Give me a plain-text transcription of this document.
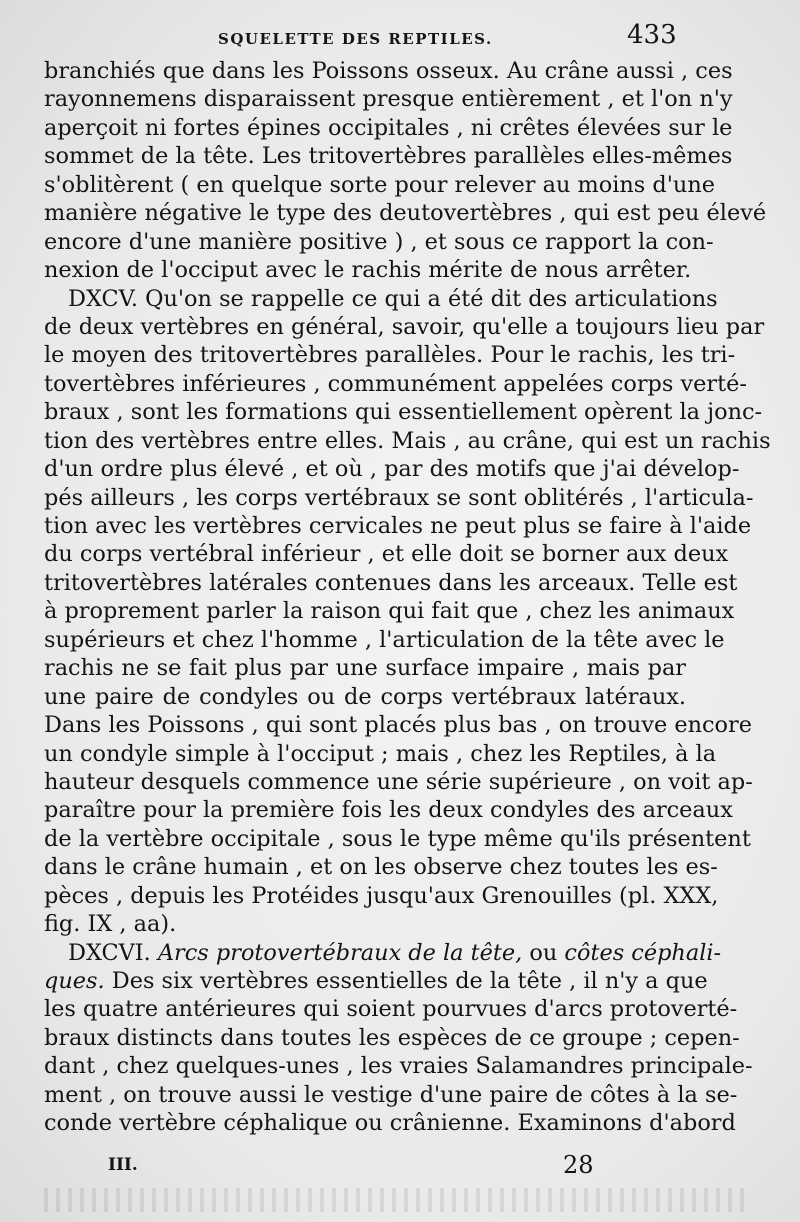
SQUELETTE DES REPTILES.	433
branchiés que dans les Poissons osseux. Au crâne aussi , ces
rayonnemens disparaissent presque entièrement , et l'on n'y
aperçoit ni fortes épines occipitales , ni crêtes élevées sur le
sommet de la tête. Les tritovertèbres parallèles elles-mêmes
s'oblitèrent ( en quelque sorte pour relever au moins d'une
manière négative le type des deutovertèbres , qui est peu élevé
encore d'une manière positive ) , et sous ce rapport la con-
nexion de l'occiput avec le rachis mérite de nous arrêter.
DXCV. Qu'on se rappelle ce qui a été dit des articulations
de deux vertèbres en général, savoir, qu'elle a toujours lieu par
le moyen des tritovertèbres parallèles. Pour le rachis, les tri-
tovertèbres inférieures , communément appelées corps verté-
braux , sont les formations qui essentiellement opèrent la jonc-
tion des vertèbres entre elles. Mais , au crâne, qui est un rachis
d'un ordre plus élevé , et où , par des motifs que j'ai dévelop-
pés ailleurs , les corps vertébraux se sont oblitérés , l'articula-
tion avec les vertèbres cervicales ne peut plus se faire à l'aide
du corps vertébral inférieur , et elle doit se borner aux deux
tritovertèbres latérales contenues dans les arceaux. Telle est
à proprement parler la raison qui fait que , chez les animaux
supérieurs et chez l'homme , l'articulation de la tête avec le
rachis ne se fait plus par une surface impaire , mais par
une paire de condyles ou de corps vertébraux latéraux.
Dans les Poissons , qui sont placés plus bas , on trouve encore
un condyle simple à l'occiput ; mais , chez les Reptiles, à la
hauteur desquels commence une série supérieure , on voit ap-
paraître pour la première fois les deux condyles des arceaux
de la vertèbre occipitale , sous le type même qu'ils présentent
dans le crâne humain , et on les observe chez toutes les es-
pèces , depuis les Protéides jusqu'aux Grenouilles (pl. XXX,
fig. IX , aa).
DXCVI. Arcs protovertébraux de la tête, ou côtes céphali-
ques. Des six vertèbres essentielles de la tête , il n'y a que
les quatre antérieures qui soient pourvues d'arcs protoverté-
braux distincts dans toutes les espèces de ce groupe ; cepen-
dant , chez quelques-unes , les vraies Salamandres principale-
ment , on trouve aussi le vestige d'une paire de côtes à la se-
conde vertèbre céphalique ou crânienne. Examinons d'abord
III.	28
